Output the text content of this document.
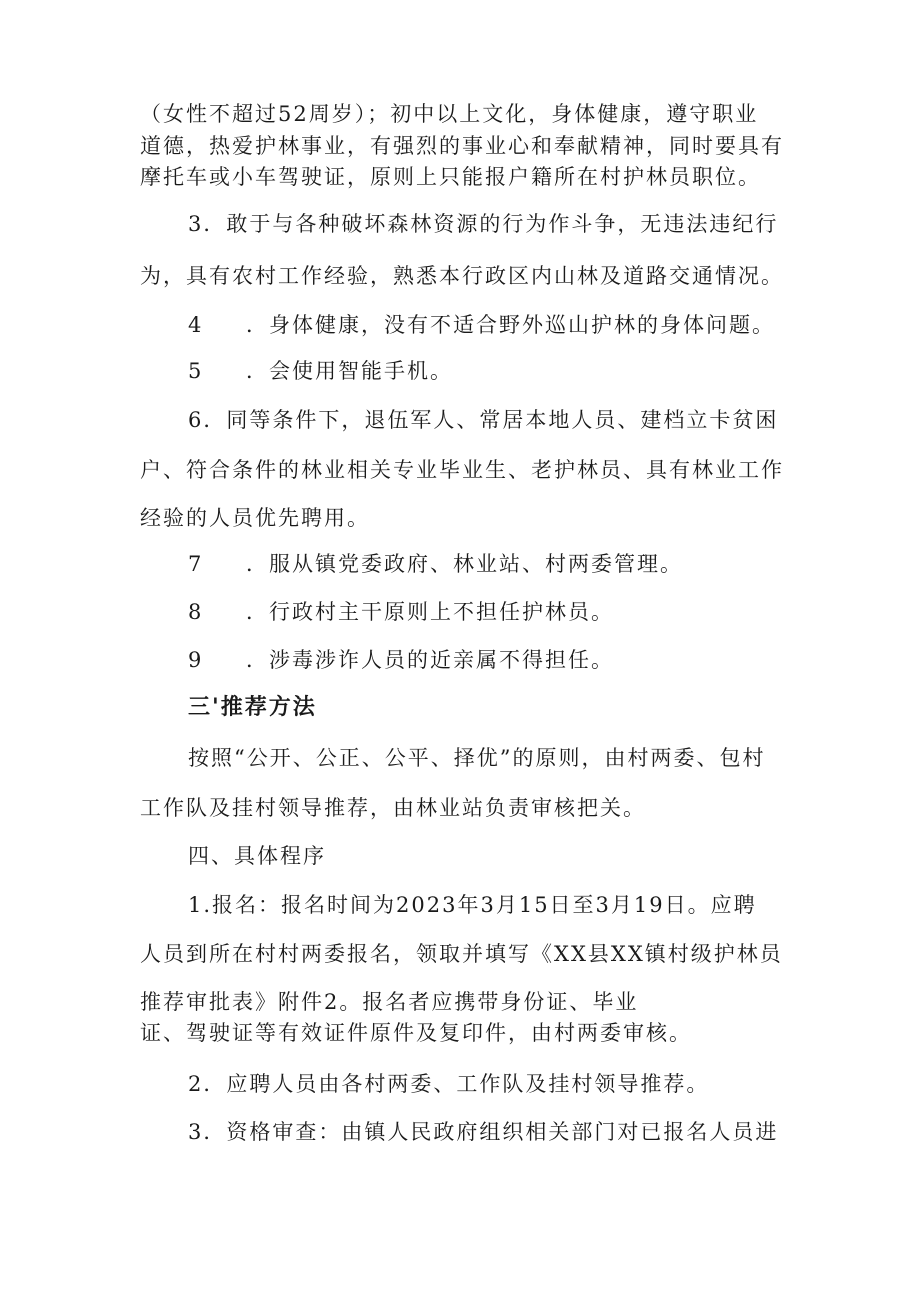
（女性不超过52周岁）；初中以上文化，身体健康，遵守职业

道德，热爱护林事业，有强烈的事业心和奉献精神，同时要具有

摩托车或小车驾驶证，原则上只能报户籍所在村护林员职位。

3．敢于与各种破坏森林资源的行为作斗争，无违法违纪行

为，具有农村工作经验，熟悉本行政区内山林及道路交通情况。

4 ．身体健康，没有不适合野外巡山护林的身体问题。

5 ．会使用智能手机。

6．同等条件下，退伍军人、常居本地人员、建档立卡贫困

户、符合条件的林业相关专业毕业生、老护林员、具有林业工作

经验的人员优先聘用。

7 ．服从镇党委政府、林业站、村两委管理。

8 ．行政村主干原则上不担任护林员。

9 ．涉毒涉诈人员的近亲属不得担任。

三'推荐方法

按照“公开、公正、公平、择优”的原则，由村两委、包村

工作队及挂村领导推荐，由林业站负责审核把关。

四、具体程序

1.报名：报名时间为2023年3月15日至3月19日。应聘

人员到所在村村两委报名，领取并填写《XX县XX镇村级护林员

推荐审批表》附件2。报名者应携带身份证、毕业

证、驾驶证等有效证件原件及复印件，由村两委审核。

2．应聘人员由各村两委、工作队及挂村领导推荐。

3．资格审查：由镇人民政府组织相关部门对已报名人员进
